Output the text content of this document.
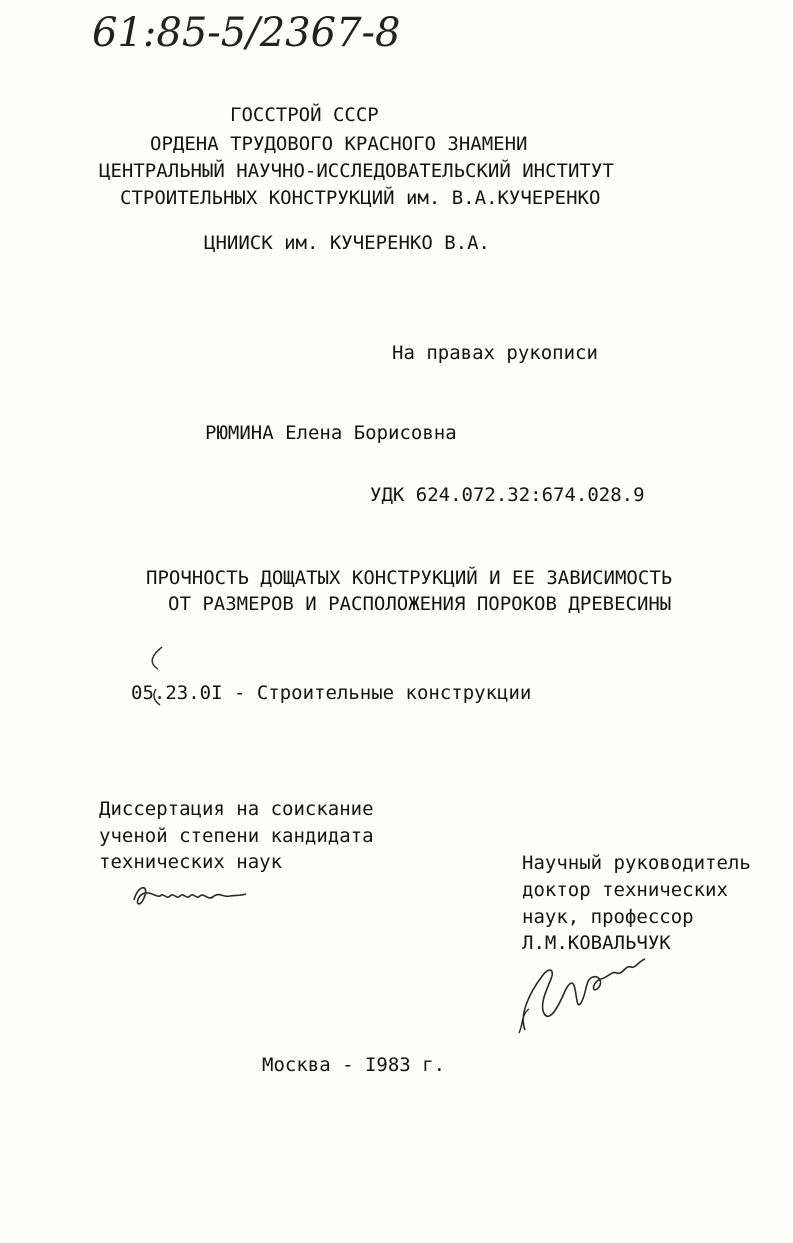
61:85-5/2367-8
ГОССТРОЙ СССР
ОРДЕНА ТРУДОВОГО КРАСНОГО ЗНАМЕНИ
ЦЕНТРАЛЬНЫЙ НАУЧНО-ИССЛЕДОВАТЕЛЬСКИЙ ИНСТИТУТ
СТРОИТЕЛЬНЫХ КОНСТРУКЦИЙ им. В.А.КУЧЕРЕНКО
ЦНИИСК им. КУЧЕРЕНКО В.А.
На правах рукописи
РЮМИНА Елена Борисовна
УДК 624.072.32:674.028.9
ПРОЧНОСТЬ ДОЩАТЫХ КОНСТРУКЦИЙ И ЕЕ ЗАВИСИМОСТЬ
ОТ РАЗМЕРОВ И РАСПОЛОЖЕНИЯ ПОРОКОВ ДРЕВЕСИНЫ
05.23.0I - Строительные конструкции
Диссертация на соискание
ученой степени кандидата
технических наук	Научный руководитель
доктор технических
наук, профессор
Л.М.КОВАЛЬЧУК
Москва - I983 г.
